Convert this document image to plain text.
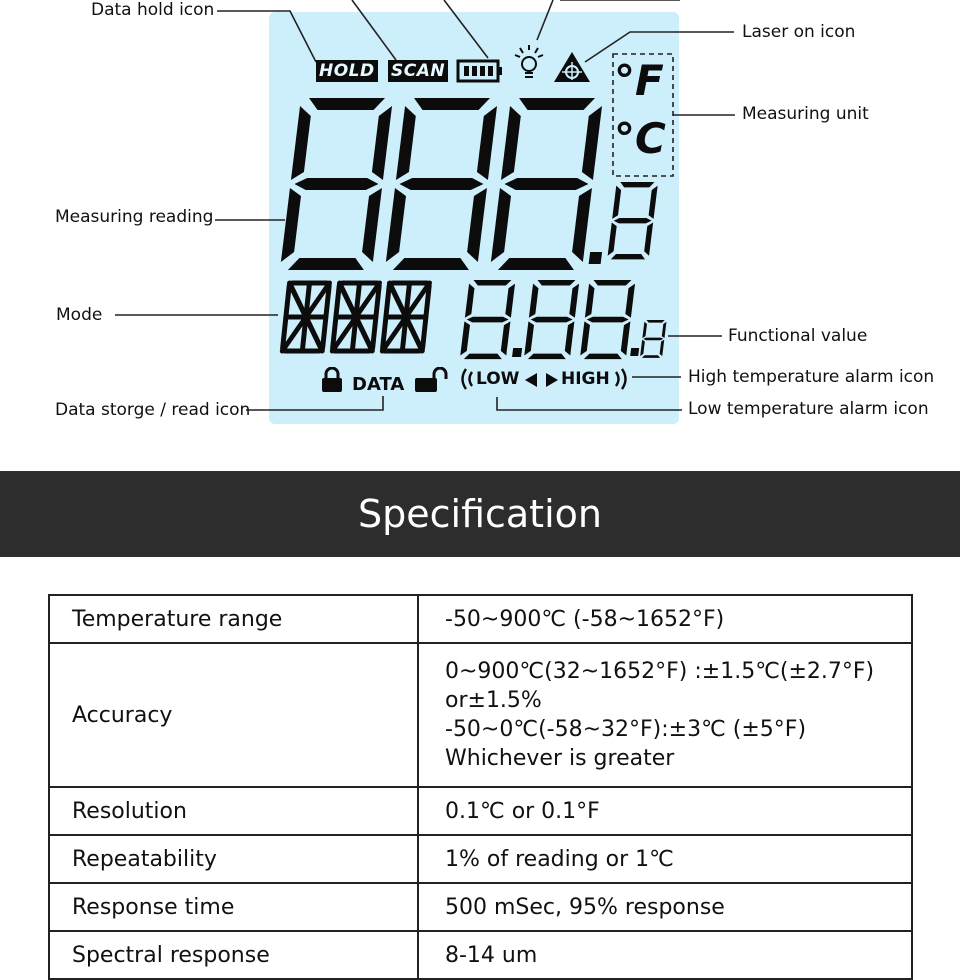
Data hold icon
Laser on icon
Measuring unit
Measuring reading
Mode
Functional value
High temperature alarm icon
Low temperature alarm icon
Data storge / read icon
HOLD SCAN	°F
°C
DATA	LOW HIGH
Specification
Temperature range	-50~900℃ (-58~1652°F)

Accuracy	0~900℃(32~1652°F) :±1.5℃(±2.7°F)
or±1.5%
-50~0℃(-58~32°F):±3℃ (±5°F)
Whichever is greater

Resolution	0.1℃ or 0.1°F

Repeatability	1% of reading or 1℃

Response time	500 mSec, 95% response

Spectral response	8-14 um
